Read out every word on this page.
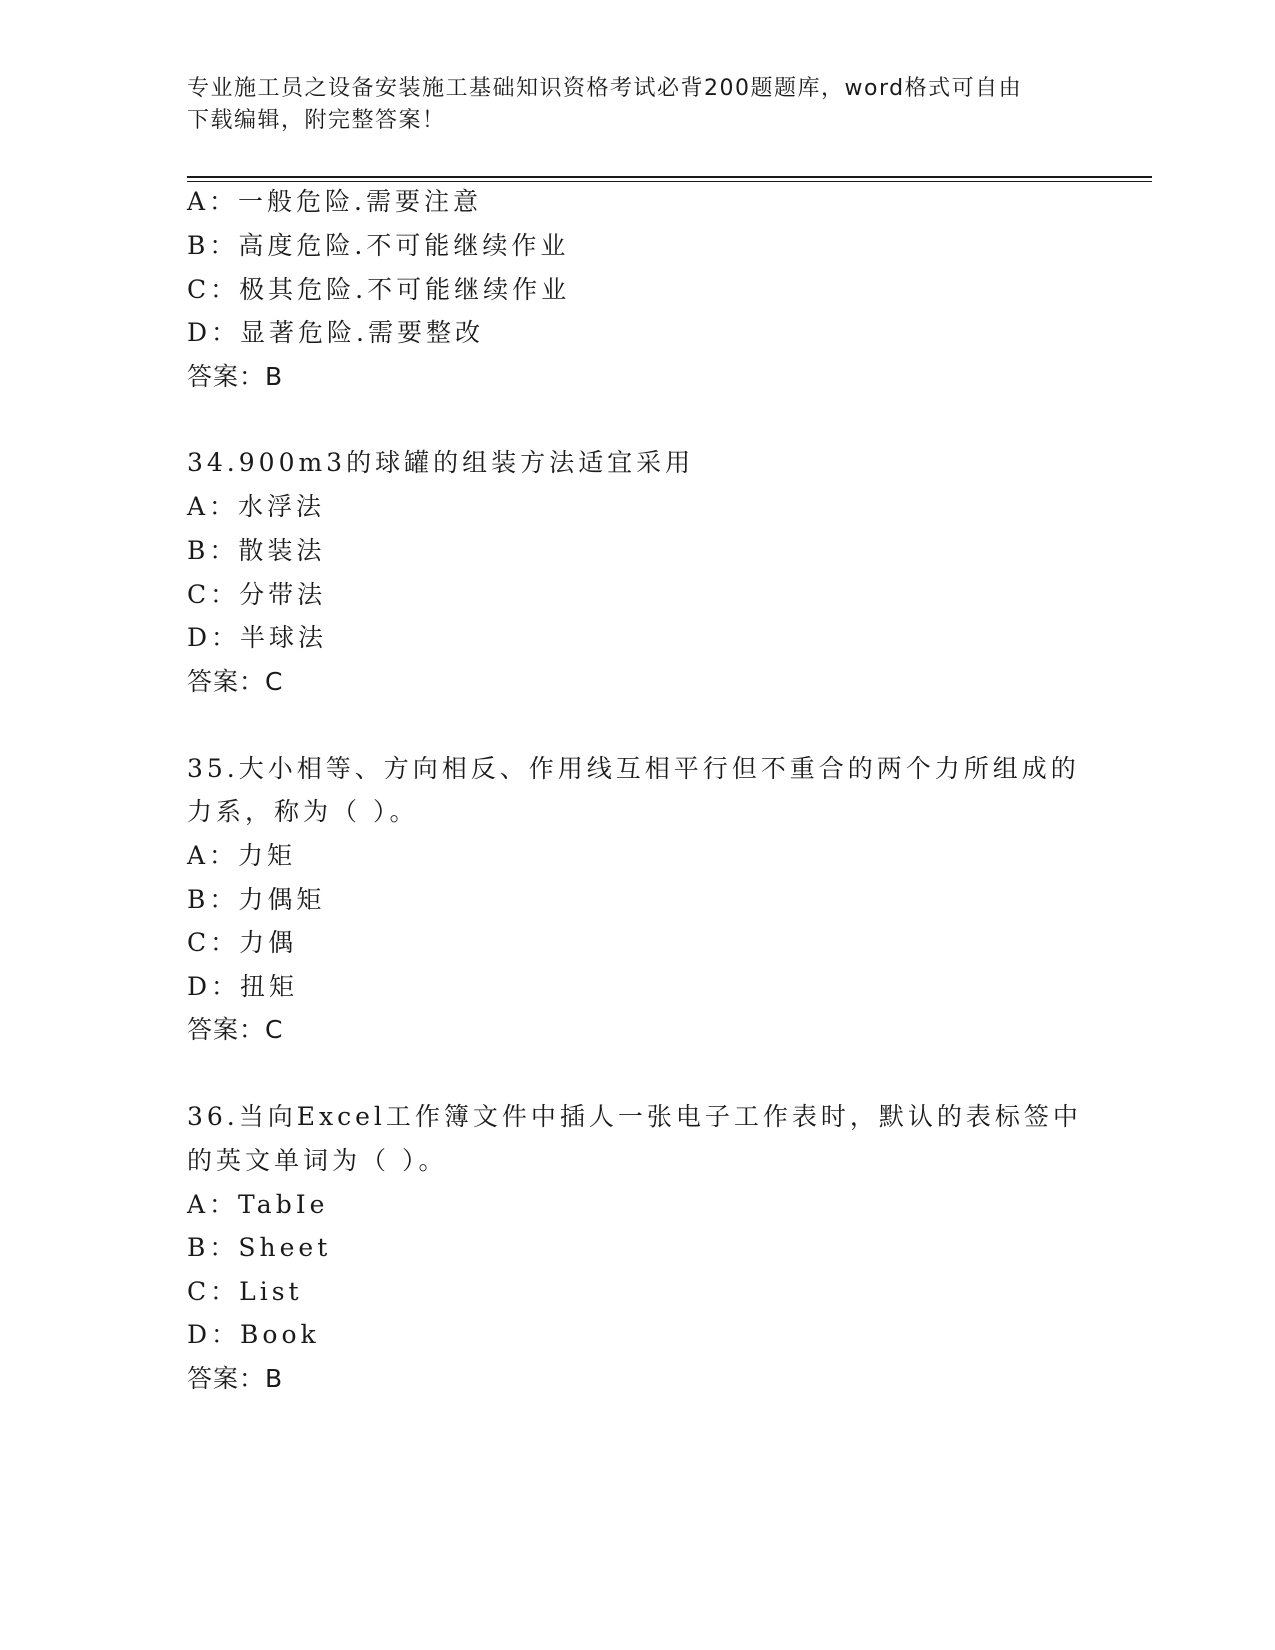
专业施工员之设备安装施工基础知识资格考试必背200题题库，word格式可自由
下载编辑，附完整答案！
A：一般危险.需要注意
B：高度危险.不可能继续作业
C：极其危险.不可能继续作业
D：显著危险.需要整改
答案：B
34.900m3的球罐的组装方法适宜采用
A：水浮法
B：散装法
C：分带法
D：半球法
答案：C
35.大小相等、方向相反、作用线互相平行但不重合的两个力所组成的
力系，称为（ ）。
A：力矩
B：力偶矩
C：力偶
D：扭矩
答案：C
36.当向Excel工作簿文件中插人一张电子工作表时，默认的表标签中
的英文单词为（ ）。
A：TabIe
B：Sheet
C：List
D：Book
答案：B
